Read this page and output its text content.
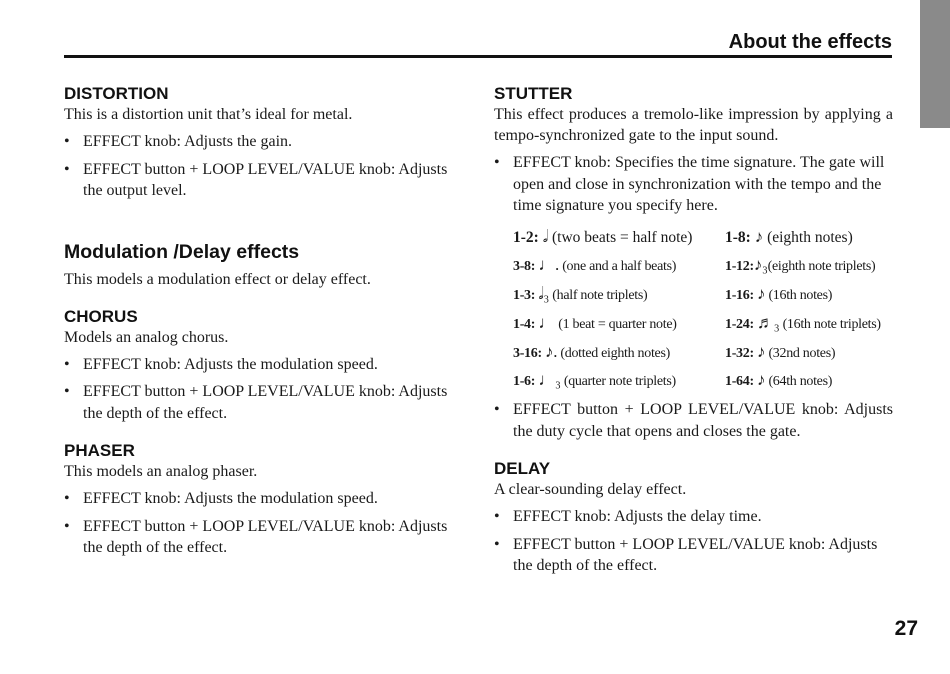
About the effects
DISTORTION

This is a distortion unit that’s ideal for metal.

• EFFECT knob: Adjusts the gain.
• EFFECT button + LOOP LEVEL/VALUE knob: Adjusts the output level.
Modulation /Delay effects

This models a modulation effect or delay effect.

CHORUS

Models an analog chorus.

• EFFECT knob: Adjusts the modulation speed.
• EFFECT button + LOOP LEVEL/VALUE knob: Adjusts the depth of the effect.
PHASER

This models an analog phaser.

• EFFECT knob: Adjusts the modulation speed.
• EFFECT button + LOOP LEVEL/VALUE knob: Adjusts the depth of the effect.
STUTTER

This effect produces a tremolo-like impression by applying a tempo-synchronized gate to the input sound.

• EFFECT knob: Specifies the time signature. The gate will open and close in synchronization with the tempo and the time signature you specify here.
1-2: 𝅗𝅥 (two beats = half note)	1-8: ♪ (eighth notes)
3-8: ♩. (one and a half beats)	1-12:♪₃(eighth note triplets)
1-3: 𝅗𝅥₃ (half note triplets)	1-16: ♪ (16th notes)
1-4: ♩ (1 beat = quarter note)	1-24: ♬₃ (16th note triplets)
3-16: ♪. (dotted eighth notes)	1-32: ♪ (32nd notes)
1-6: ♩₃ (quarter note triplets)	1-64: ♪ (64th notes)
• EFFECT button + LOOP LEVEL/VALUE knob: Adjusts the duty cycle that opens and closes the gate.
DELAY

A clear-sounding delay effect.

• EFFECT knob: Adjusts the delay time.
• EFFECT button + LOOP LEVEL/VALUE knob: Adjusts the depth of the effect.
27
